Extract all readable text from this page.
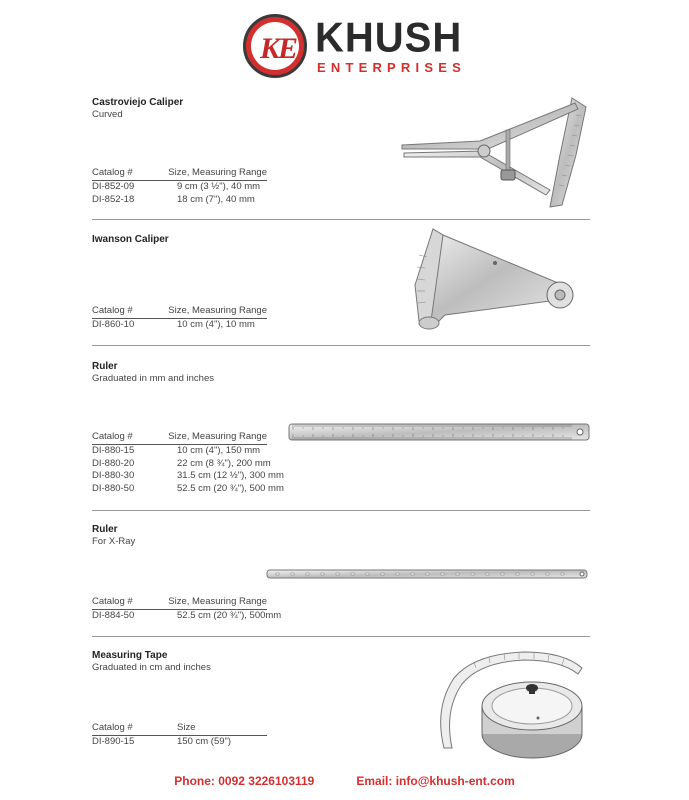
KE KHUSH
ENTERPRISES
Castroviejo Caliper
Curved
Catalog #	Size, Measuring Range
DI-852-09	9 cm (3 ½"), 40 mm
DI-852-18	18 cm (7"), 40 mm
Iwanson Caliper
Catalog #	Size, Measuring Range
DI-860-10	10 cm (4"), 10 mm
Ruler
Graduated in mm and inches
Catalog #	Size, Measuring Range
DI-880-15	10 cm (4"), 150 mm
DI-880-20	22 cm (8 ¾"), 200 mm
DI-880-30	31.5 cm (12 ½"), 300 mm
DI-880-50	52.5 cm (20 ¾"), 500 mm
Ruler
For X-Ray
Catalog #	Size, Measuring Range
DI-884-50	52.5 cm (20 ¾"), 500mm
Measuring Tape
Graduated in cm and inches
Catalog #	Size
DI-890-15	150 cm (59")
Phone: 0092 3226103119	Email: info@khush-ent.com
